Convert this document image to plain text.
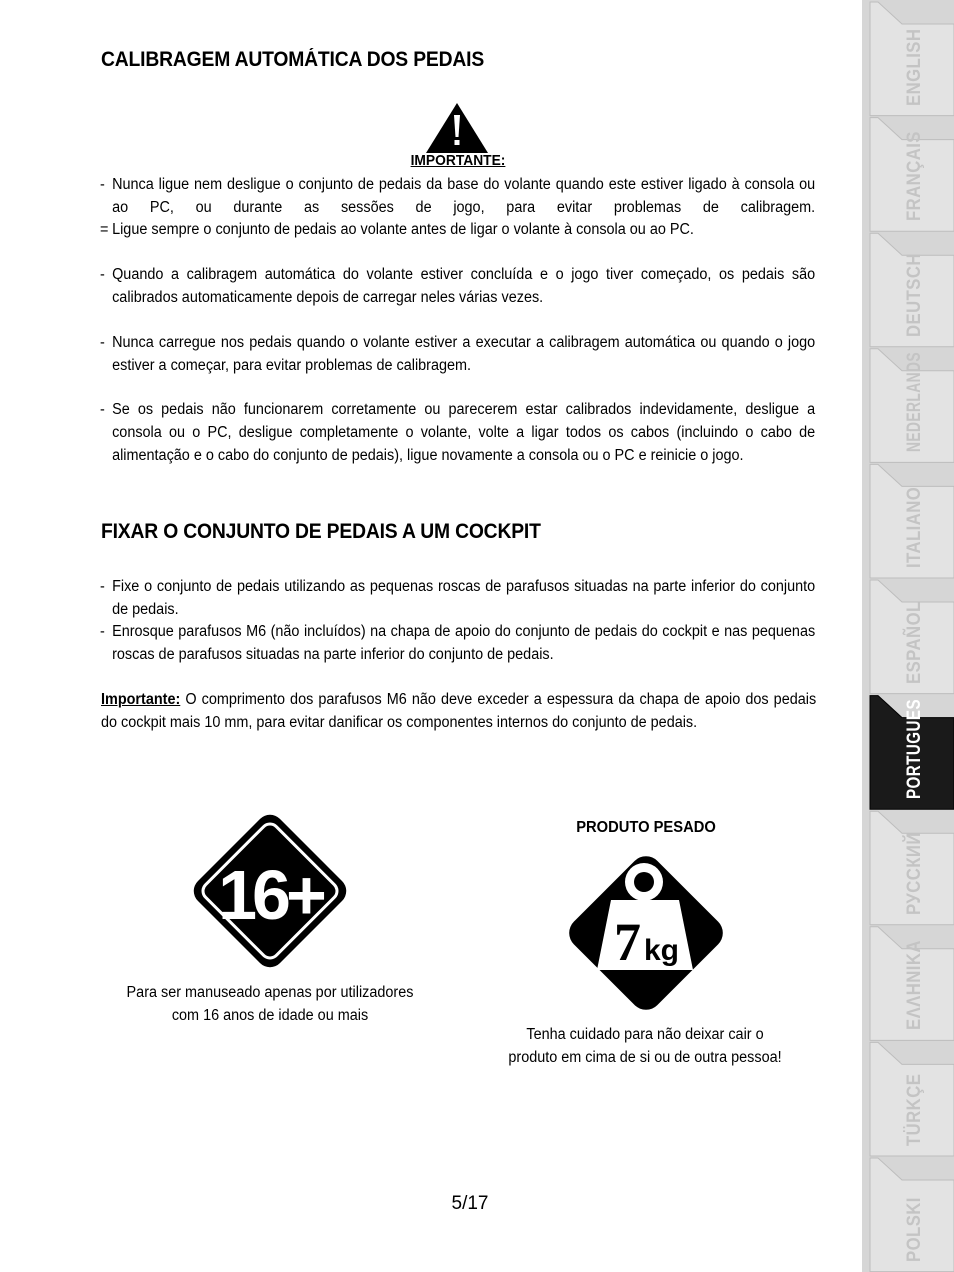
CALIBRAGEM AUTOMÁTICA DOS PEDAIS
IMPORTANTE:
- Nunca ligue nem desligue o conjunto de pedais da base do volante quando este estiver ligado à consola ou ao PC, ou durante as sessões de jogo, para evitar problemas de calibragem.
= Ligue sempre o conjunto de pedais ao volante antes de ligar o volante à consola ou ao PC.
- Quando a calibragem automática do volante estiver concluída e o jogo tiver começado, os pedais são calibrados automaticamente depois de carregar neles várias vezes.
- Nunca carregue nos pedais quando o volante estiver a executar a calibragem automática ou quando o jogo estiver a começar, para evitar problemas de calibragem.
- Se os pedais não funcionarem corretamente ou parecerem estar calibrados indevidamente, desligue a consola ou o PC, desligue completamente o volante, volte a ligar todos os cabos (incluindo o cabo de alimentação e o cabo do conjunto de pedais), ligue novamente a consola ou o PC e reinicie o jogo.
FIXAR O CONJUNTO DE PEDAIS A UM COCKPIT
- Fixe o conjunto de pedais utilizando as pequenas roscas de parafusos situadas na parte inferior do conjunto de pedais.
- Enrosque parafusos M6 (não incluídos) na chapa de apoio do conjunto de pedais do cockpit e nas pequenas roscas de parafusos situadas na parte inferior do conjunto de pedais.
Importante: O comprimento dos parafusos M6 não deve exceder a espessura da chapa de apoio dos pedais do cockpit mais 10 mm, para evitar danificar os componentes internos do conjunto de pedais.
16+
Para ser manuseado apenas por utilizadores
com 16 anos de idade ou mais
PRODUTO PESADO
7 kg
Tenha cuidado para não deixar cair o
produto em cima de si ou de outra pessoa!
5/17
ENGLISH
FRANÇAIS
DEUTSCH
NEDERLANDS
ITALIANO
ESPAÑOL
PORTUGUES
РУССКИЙ
ΕΛΛΗΝΙΚΑ
TÜRKÇE
POLSKI
